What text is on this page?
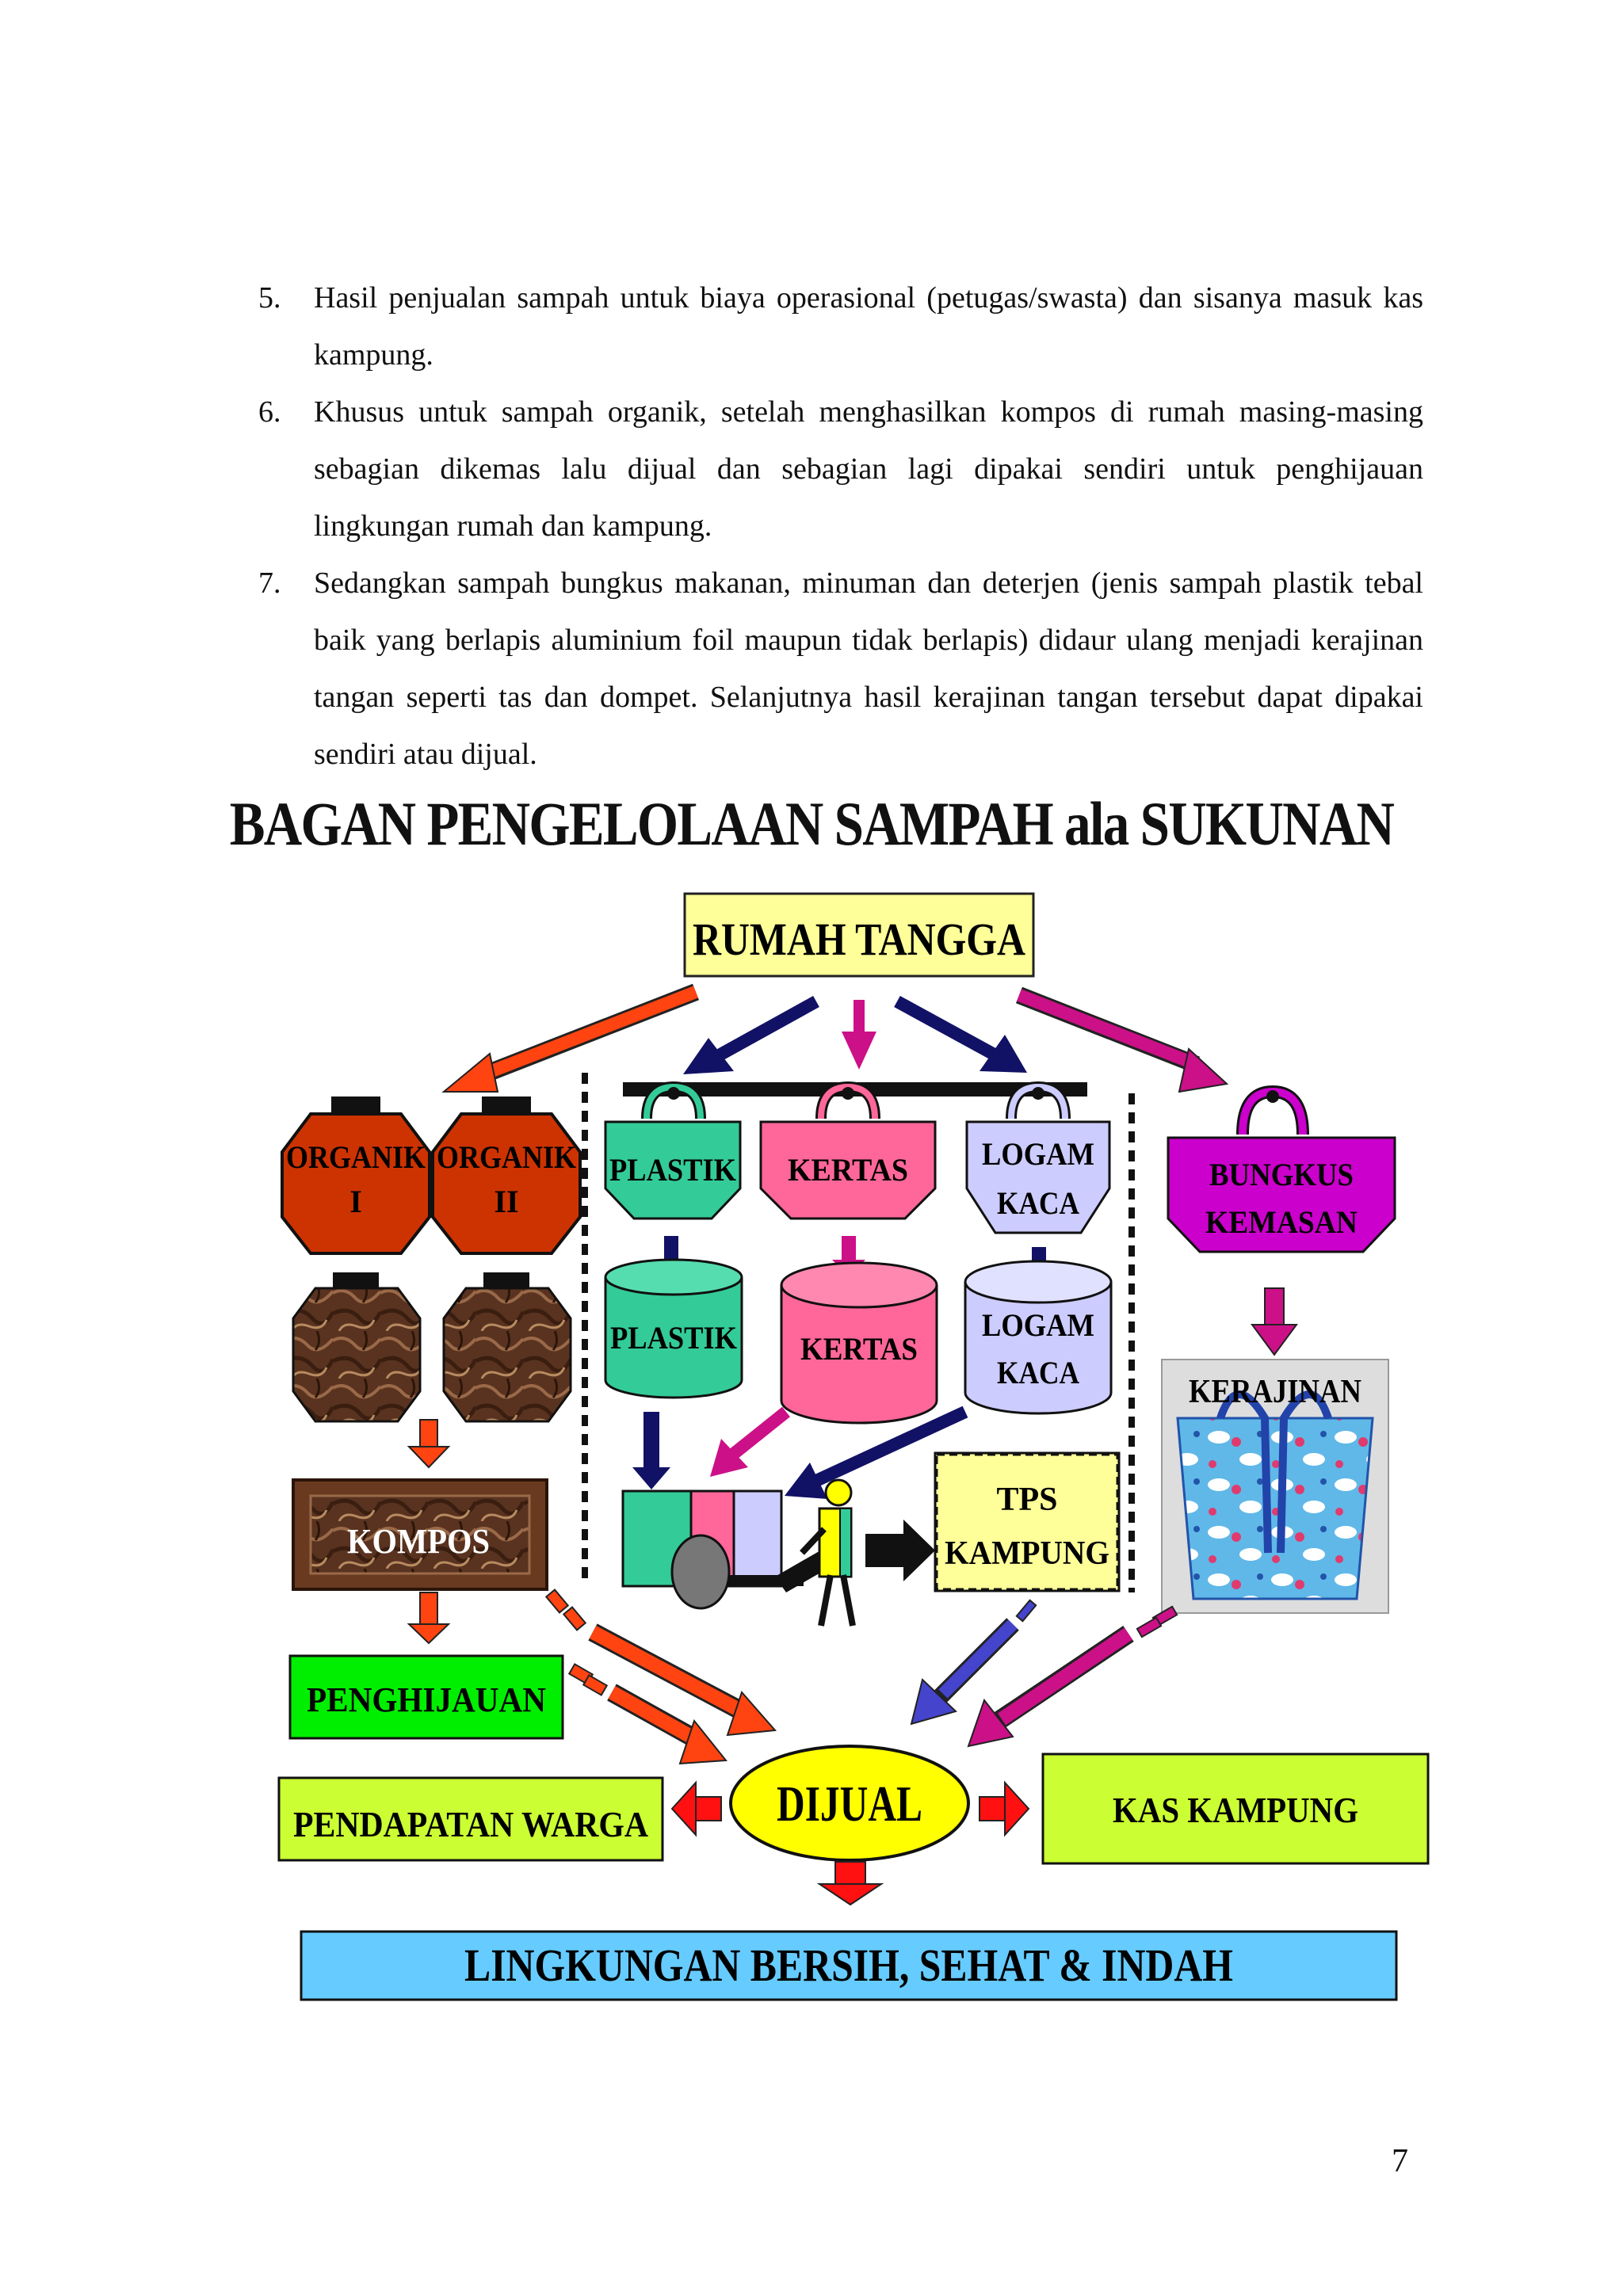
5. Hasil penjualan sampah untuk biaya operasional (petugas/swasta) dan sisanya masuk kas kampung.
6. Khusus untuk sampah organik, setelah menghasilkan kompos di rumah masing-masing sebagian dikemas lalu dijual dan sebagian lagi dipakai sendiri untuk penghijauan lingkungan rumah dan kampung.
7. Sedangkan sampah bungkus makanan, minuman dan deterjen (jenis sampah plastik tebal baik yang berlapis aluminium foil maupun tidak berlapis) didaur ulang menjadi kerajinan tangan seperti tas dan dompet. Selanjutnya hasil kerajinan tangan tersebut dapat dipakai sendiri atau dijual.
BAGAN PENGELOLAAN SAMPAH ala SUKUNAN
RUMAH TANGGA
ORGANIK
I
ORGANIK
II
KOMPOS
PENGHIJAUAN
PENDAPATAN WARGA
PLASTIK KERTAS LOGAM
KACA
PLASTIK KERTAS
LOGAM
KACA
TPS
KAMPUNG
BUNGKUS
KEMASAN
KERAJINAN
DIJUAL	KAS KAMPUNG
LINGKUNGAN BERSIH, SEHAT & INDAH
7
